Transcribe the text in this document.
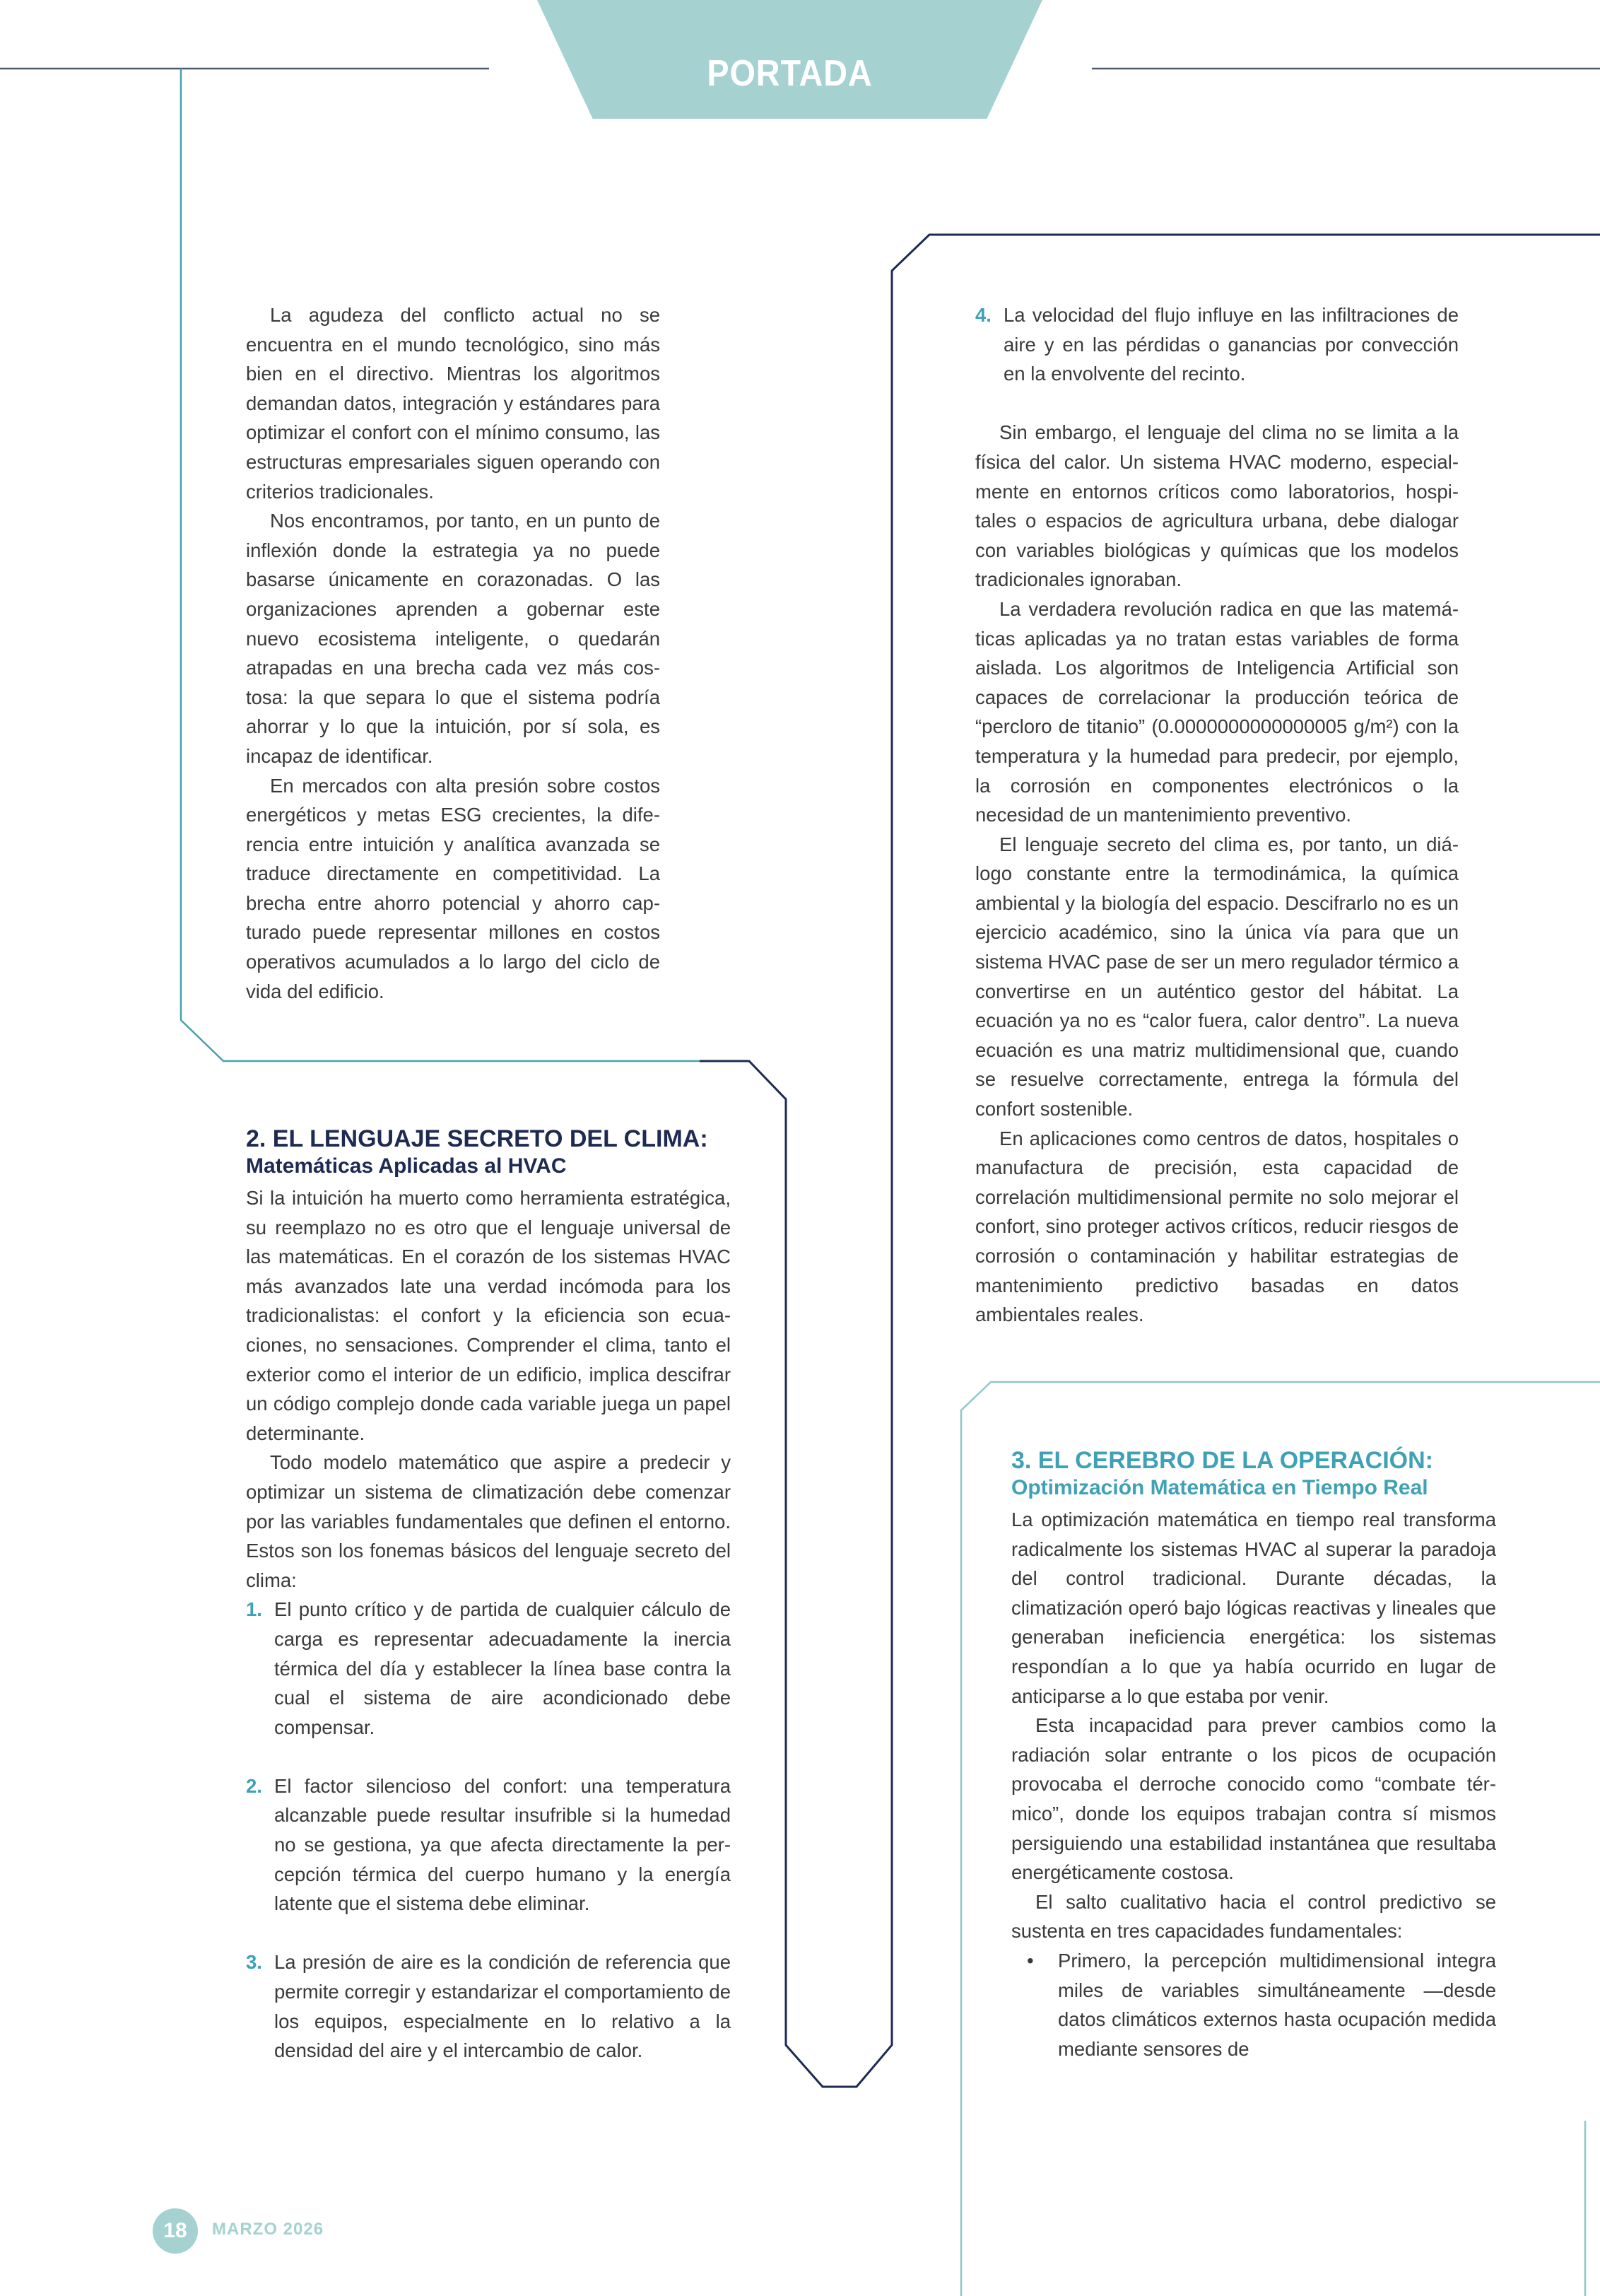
PORTADA

La agudeza del conflicto actual no se encuentra en el mundo tecnológico, sino más bien en el directivo. Mientras los algoritmos demandan datos, integración y estándares para optimizar el confort con el mínimo consumo, las estructuras empresariales siguen operando con criterios tradicionales.

Nos encontramos, por tanto, en un punto de inflexión donde la estrategia ya no puede basarse únicamente en corazonadas. O las organizaciones aprenden a gobernar este nuevo ecosistema inteligente, o quedarán atrapadas en una brecha cada vez más costosa: la que separa lo que el sistema podría ahorrar y lo que la intuición, por sí sola, es incapaz de identificar.

En mercados con alta presión sobre costos energéticos y metas ESG crecientes, la diferencia entre intuición y analítica avanzada se traduce directamente en competitividad. La brecha entre ahorro potencial y ahorro capturado puede representar millones en costos operativos acumulados a lo largo del ciclo de vida del edificio.

2. EL LENGUAJE SECRETO DEL CLIMA:
Matemáticas Aplicadas al HVAC

Si la intuición ha muerto como herramienta estratégica, su reemplazo no es otro que el lenguaje universal de las matemáticas. En el corazón de los sistemas HVAC más avanzados late una verdad incómoda para los tradicionalistas: el confort y la eficiencia son ecuaciones, no sensaciones. Comprender el clima, tanto el exterior como el interior de un edificio, implica descifrar un código complejo donde cada variable juega un papel determinante.

Todo modelo matemático que aspire a predecir y optimizar un sistema de climatización debe comenzar por las variables fundamentales que definen el entorno. Estos son los fonemas básicos del lenguaje secreto del clima:

1. El punto crítico y de partida de cualquier cálculo de carga es representar adecuadamente la inercia térmica del día y establecer la línea base contra la cual el sistema de aire acondicionado debe compensar.
2. El factor silencioso del confort: una temperatura alcanzable puede resultar insufrible si la humedad no se gestiona, ya que afecta directamente la percepción térmica del cuerpo humano y la energía latente que el sistema debe eliminar.
3. La presión de aire es la condición de referencia que permite corregir y estandarizar el comportamiento de los equipos, especialmente en lo relativo a la densidad del aire y el intercambio de calor.
4. La velocidad del flujo influye en las infiltraciones de aire y en las pérdidas o ganancias por convección en la envolvente del recinto.

Sin embargo, el lenguaje del clima no se limita a la física del calor. Un sistema HVAC moderno, especialmente en entornos críticos como laboratorios, hospitales o espacios de agricultura urbana, debe dialogar con variables biológicas y químicas que los modelos tradicionales ignoraban.

La verdadera revolución radica en que las matemáticas aplicadas ya no tratan estas variables de forma aislada. Los algoritmos de Inteligencia Artificial son capaces de correlacionar la producción teórica de “percloro de titanio” (0.0000000000000005 g/m²) con la temperatura y la humedad para predecir, por ejemplo, la corrosión en componentes electrónicos o la necesidad de un mantenimiento preventivo.

El lenguaje secreto del clima es, por tanto, un diálogo constante entre la termodinámica, la química ambiental y la biología del espacio. Descifrarlo no es un ejercicio académico, sino la única vía para que un sistema HVAC pase de ser un mero regulador térmico a convertirse en un auténtico gestor del hábitat. La ecuación ya no es “calor fuera, calor dentro”. La nueva ecuación es una matriz multidimensional que, cuando se resuelve correctamente, entrega la fórmula del confort sostenible.

En aplicaciones como centros de datos, hospitales o manufactura de precisión, esta capacidad de correlación multidimensional permite no solo mejorar el confort, sino proteger activos críticos, reducir riesgos de corrosión o contaminación y habilitar estrategias de mantenimiento predictivo basadas en datos ambientales reales.

3. EL CEREBRO DE LA OPERACIÓN:
Optimización Matemática en Tiempo Real

La optimización matemática en tiempo real transforma radicalmente los sistemas HVAC al superar la paradoja del control tradicional. Durante décadas, la climatización operó bajo lógicas reactivas y lineales que generaban ineficiencia energética: los sistemas respondían a lo que ya había ocurrido en lugar de anticiparse a lo que estaba por venir.

Esta incapacidad para prever cambios como la radiación solar entrante o los picos de ocupación provocaba el derroche conocido como “combate térmico”, donde los equipos trabajan contra sí mismos persiguiendo una estabilidad instantánea que resultaba energéticamente costosa.

El salto cualitativo hacia el control predictivo se sustenta en tres capacidades fundamentales:

• Primero, la percepción multidimensional integra miles de variables simultáneamente —desde datos climáticos externos hasta ocupación medida mediante sensores de
18	MARZO 2026
